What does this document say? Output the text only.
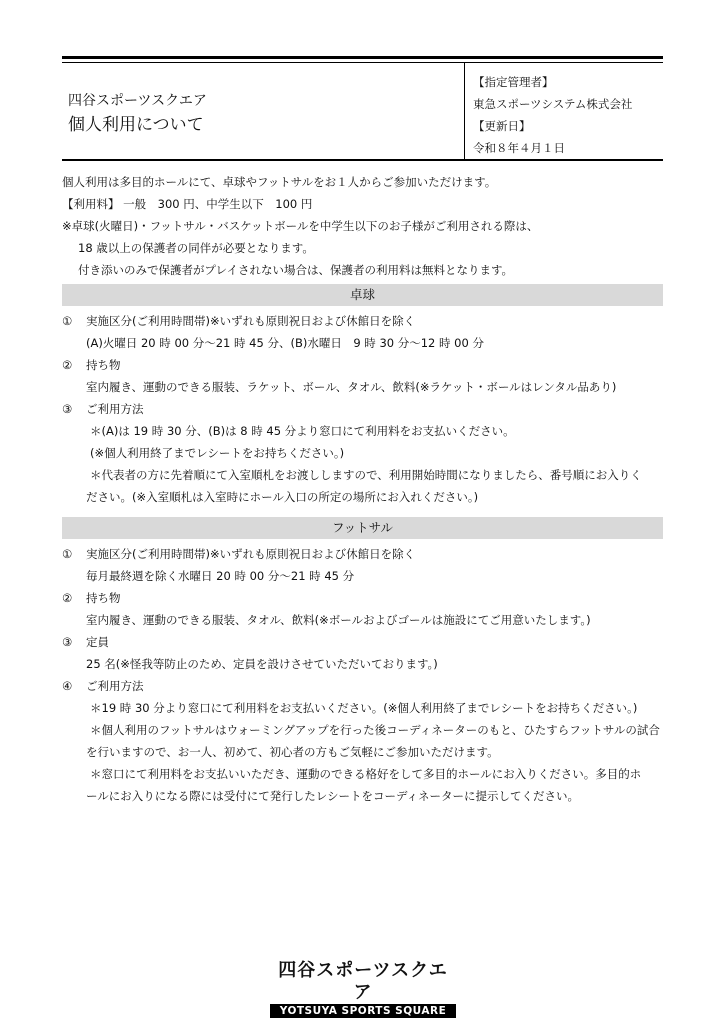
四谷スポーツスクエア
個人利用について
【指定管理者】
東急スポーツシステム株式会社
【更新日】
令和８年４月１日
個人利用は多目的ホールにて、卓球やフットサルをお１人からご参加いただけます。
【利用料】 一般　300 円、中学生以下　100 円
※卓球(火曜日)・フットサル・バスケットボールを中学生以下のお子様がご利用される際は、
18 歳以上の保護者の同伴が必要となります。
付き添いのみで保護者がプレイされない場合は、保護者の利用料は無料となります。
卓球
①	実施区分(ご利用時間帯)※いずれも原則祝日および休館日を除く
(A)火曜日 20 時 00 分～21 時 45 分、(B)水曜日　9 時 30 分～12 時 00 分
②	持ち物
室内履き、運動のできる服装、ラケット、ボール、タオル、飲料(※ラケット・ボールはレンタル品あり)
③	ご利用方法
＊(A)は 19 時 30 分、(B)は 8 時 45 分より窓口にて利用料をお支払いください。
(※個人利用終了までレシートをお持ちください。)
＊代表者の方に先着順にて入室順札をお渡ししますので、利用開始時間になりましたら、番号順にお入りく
ださい。(※入室順札は入室時にホール入口の所定の場所にお入れください。)
フットサル
①	実施区分(ご利用時間帯)※いずれも原則祝日および休館日を除く
毎月最終週を除く水曜日 20 時 00 分～21 時 45 分
②	持ち物
室内履き、運動のできる服装、タオル、飲料(※ボールおよびゴールは施設にてご用意いたします。)
③	定員
25 名(※怪我等防止のため、定員を設けさせていただいております。)
④	ご利用方法
＊19 時 30 分より窓口にて利用料をお支払いください。(※個人利用終了までレシートをお持ちください。)
＊個人利用のフットサルはウォーミングアップを行った後コーディネーターのもと、ひたすらフットサルの試合
を行いますので、お一人、初めて、初心者の方もご気軽にご参加いただけます。
＊窓口にて利用料をお支払いいただき、運動のできる格好をして多目的ホールにお入りください。多目的ホ
ールにお入りになる際には受付にて発行したレシートをコーディネーターに提示してください。
四谷スポーツスクエア
YOTSUYA SPORTS SQUARE
